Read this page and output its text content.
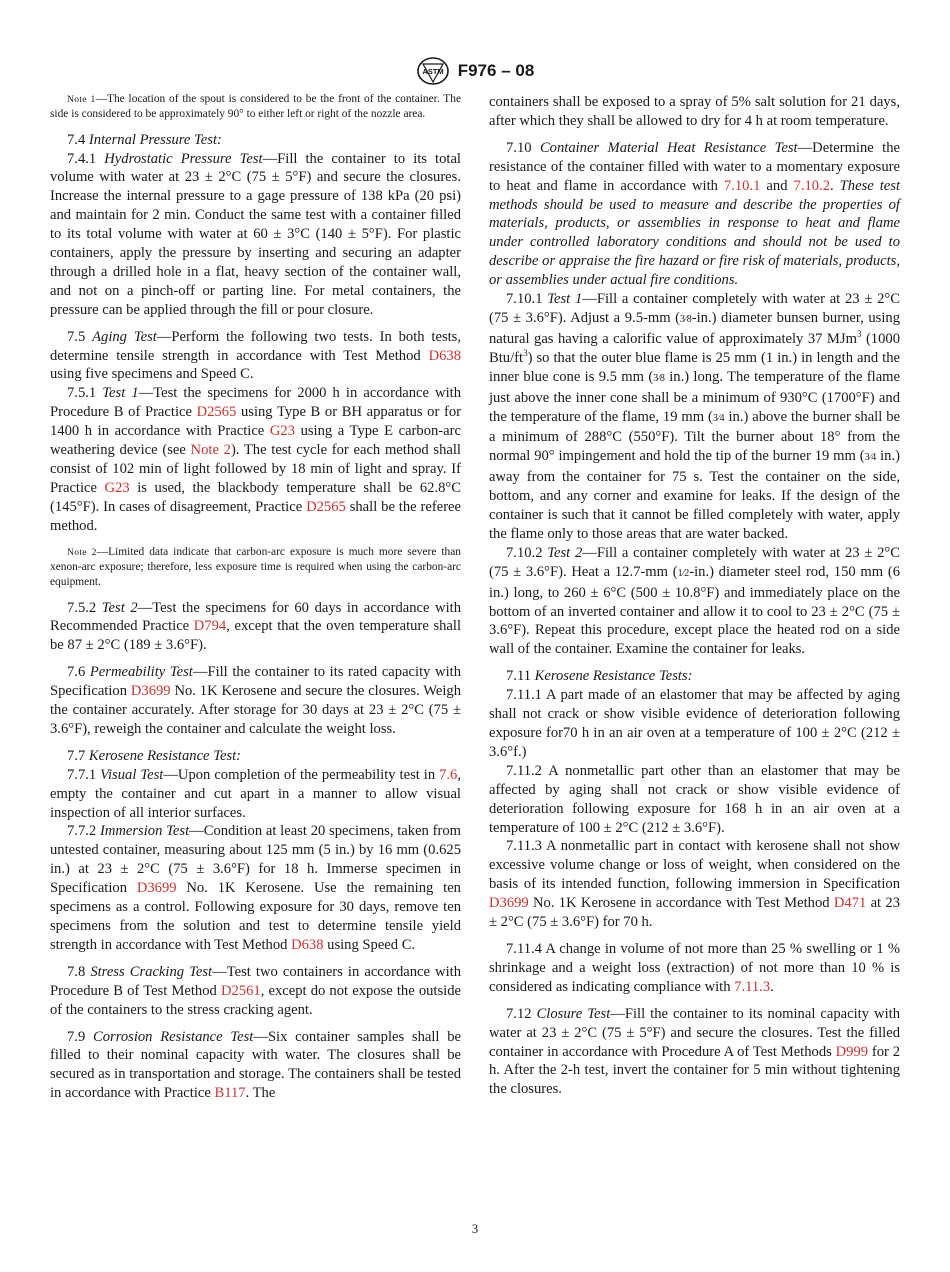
ASTM F976 – 08

Note 1—The location of the spout is considered to be the front of the container. The side is considered to be approximately 90° to either left or right of the nozzle area.

7.4 Internal Pressure Test:

7.4.1 Hydrostatic Pressure Test—Fill the container to its total volume with water at 23 ± 2°C (75 ± 5°F) and secure the closures. Increase the internal pressure to a gage pressure of 138 kPa (20 psi) and maintain for 2 min. Conduct the same test with a container filled to its total volume with water at 60 ± 3°C (140 ± 5°F). For plastic containers, apply the pressure by inserting and securing an adapter through a drilled hole in a flat, heavy section of the container wall, and not on a pinch-off or parting line. For metal containers, the pressure can be applied through the fill or pour closure.

7.5 Aging Test—Perform the following two tests. In both tests, determine tensile strength in accordance with Test Method D638 using five specimens and Speed C.

7.5.1 Test 1—Test the specimens for 2000 h in accordance with Procedure B of Practice D2565 using Type B or BH apparatus or for 1400 h in accordance with Practice G23 using a Type E carbon-arc weathering device (see Note 2). The test cycle for each method shall consist of 102 min of light followed by 18 min of light and spray. If Practice G23 is used, the blackbody temperature shall be 62.8°C (145°F). In cases of disagreement, Practice D2565 shall be the referee method.

Note 2—Limited data indicate that carbon-arc exposure is much more severe than xenon-arc exposure; therefore, less exposure time is required when using the carbon-arc equipment.

7.5.2 Test 2—Test the specimens for 60 days in accordance with Recommended Practice D794, except that the oven temperature shall be 87 ± 2°C (189 ± 3.6°F).

7.6 Permeability Test—Fill the container to its rated capacity with Specification D3699 No. 1K Kerosene and secure the closures. Weigh the container accurately. After storage for 30 days at 23 ± 2°C (75 ± 3.6°F), reweigh the container and calculate the weight loss.

7.7 Kerosene Resistance Test:

7.7.1 Visual Test—Upon completion of the permeability test in 7.6, empty the container and cut apart in a manner to allow visual inspection of all interior surfaces.

7.7.2 Immersion Test—Condition at least 20 specimens, taken from untested container, measuring about 125 mm (5 in.) by 16 mm (0.625 in.) at 23 ± 2°C (75 ± 3.6°F) for 18 h. Immerse specimen in Specification D3699 No. 1K Kerosene. Use the remaining ten specimens as a control. Following exposure for 30 days, remove ten specimens from the solution and test to determine tensile yield strength in accordance with Test Method D638 using Speed C.

7.8 Stress Cracking Test—Test two containers in accordance with Procedure B of Test Method D2561, except do not expose the outside of the containers to the stress cracking agent.

7.9 Corrosion Resistance Test—Six container samples shall be filled to their nominal capacity with water. The closures shall be secured as in transportation and storage. The containers shall be tested in accordance with Practice B117. The

containers shall be exposed to a spray of 5% salt solution for 21 days, after which they shall be allowed to dry for 4 h at room temperature.

7.10 Container Material Heat Resistance Test—Determine the resistance of the container filled with water to a momentary exposure to heat and flame in accordance with 7.10.1 and 7.10.2. These test methods should be used to measure and describe the properties of materials, products, or assemblies in response to heat and flame under controlled laboratory conditions and should not be used to describe or appraise the fire hazard or fire risk of materials, products, or assemblies under actual fire conditions.

7.10.1 Test 1—Fill a container completely with water at 23 ± 2°C (75 ± 3.6°F). Adjust a 9.5-mm (3⁄8-in.) diameter bunsen burner, using natural gas having a calorific value of approximately 37 MJm$^3$ (1000 Btu/$ft^3$) so that the outer blue flame is 25 mm (1 in.) in length and the inner blue cone is 9.5 mm (3⁄8 in.) long. The temperature of the flame just above the inner cone shall be a minimum of 930°C (1700°F) and the temperature of the flame, 19 mm (3⁄4 in.) above the burner shall be a minimum of 288°C (550°F). Tilt the burner about 18° from the normal 90° impingement and hold the tip of the burner 19 mm (3⁄4 in.) away from the container for 75 s. Test the container on the side, bottom, and any corner and examine for leaks. If the design of the container is such that it cannot be filled completely with water, apply the flame only to those areas that are water backed.

7.10.2 Test 2—Fill a container completely with water at 23 ± 2°C (75 ± 3.6°F). Heat a 12.7-mm (1⁄2-in.) diameter steel rod, 150 mm (6 in.) long, to 260 ± 6°C (500 ± 10.8°F) and immediately place on the bottom of an inverted container and allow it to cool to 23 ± 2°C (75 ± 3.6°F). Repeat this procedure, except place the heated rod on a side wall of the container. Examine the container for leaks.

7.11 Kerosene Resistance Tests:

7.11.1 A part made of an elastomer that may be affected by aging shall not crack or show visible evidence of deterioration following exposure for70 h in an air oven at a temperature of 100 ± 2°C (212 ± 3.6°f.)

7.11.2 A nonmetallic part other than an elastomer that may be affected by aging shall not crack or show visible evidence of deterioration following exposure for 168 h in an air oven at a temperature of 100 ± 2°C (212 ± 3.6°F).

7.11.3 A nonmetallic part in contact with kerosene shall not show excessive volume change or loss of weight, when considered on the basis of its intended function, following immersion in Specification D3699 No. 1K Kerosene in accordance with Test Method D471 at 23 ± 2°C (75 ± 3.6°F) for 70 h.

7.11.4 A change in volume of not more than 25 % swelling or 1 % shrinkage and a weight loss (extraction) of not more than 10 % is considered as indicating compliance with 7.11.3.

7.12 Closure Test—Fill the container to its nominal capacity with water at 23 ± 2°C (75 ± 5°F) and secure the closures. Test the filled container in accordance with Procedure A of Test Methods D999 for 2 h. After the 2-h test, invert the container for 5 min without tightening the closures.

3
